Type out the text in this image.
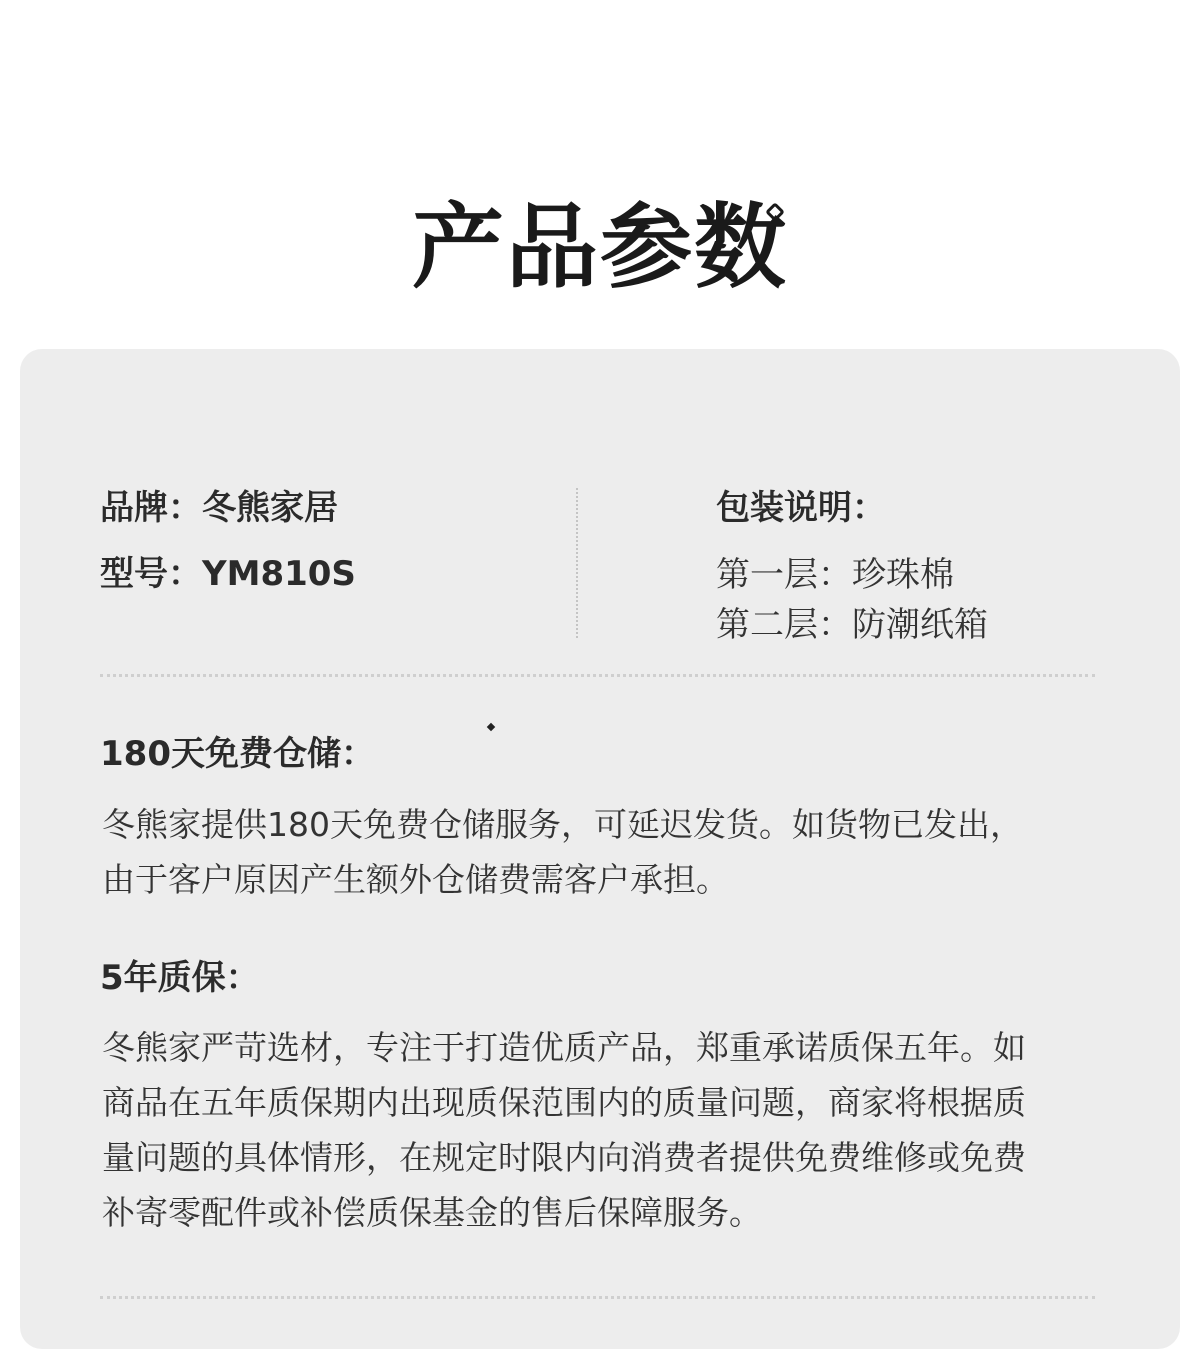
产品参数
品牌：冬熊家居
型号：YM810S
包装说明：
第一层：珍珠棉
第二层：防潮纸箱
180天免费仓储：
冬熊家提供180天免费仓储服务，可延迟发货。如货物已发出，
由于客户原因产生额外仓储费需客户承担。
5年质保：
冬熊家严苛选材，专注于打造优质产品，郑重承诺质保五年。如
商品在五年质保期内出现质保范围内的质量问题，商家将根据质
量问题的具体情形，在规定时限内向消费者提供免费维修或免费
补寄零配件或补偿质保基金的售后保障服务。
